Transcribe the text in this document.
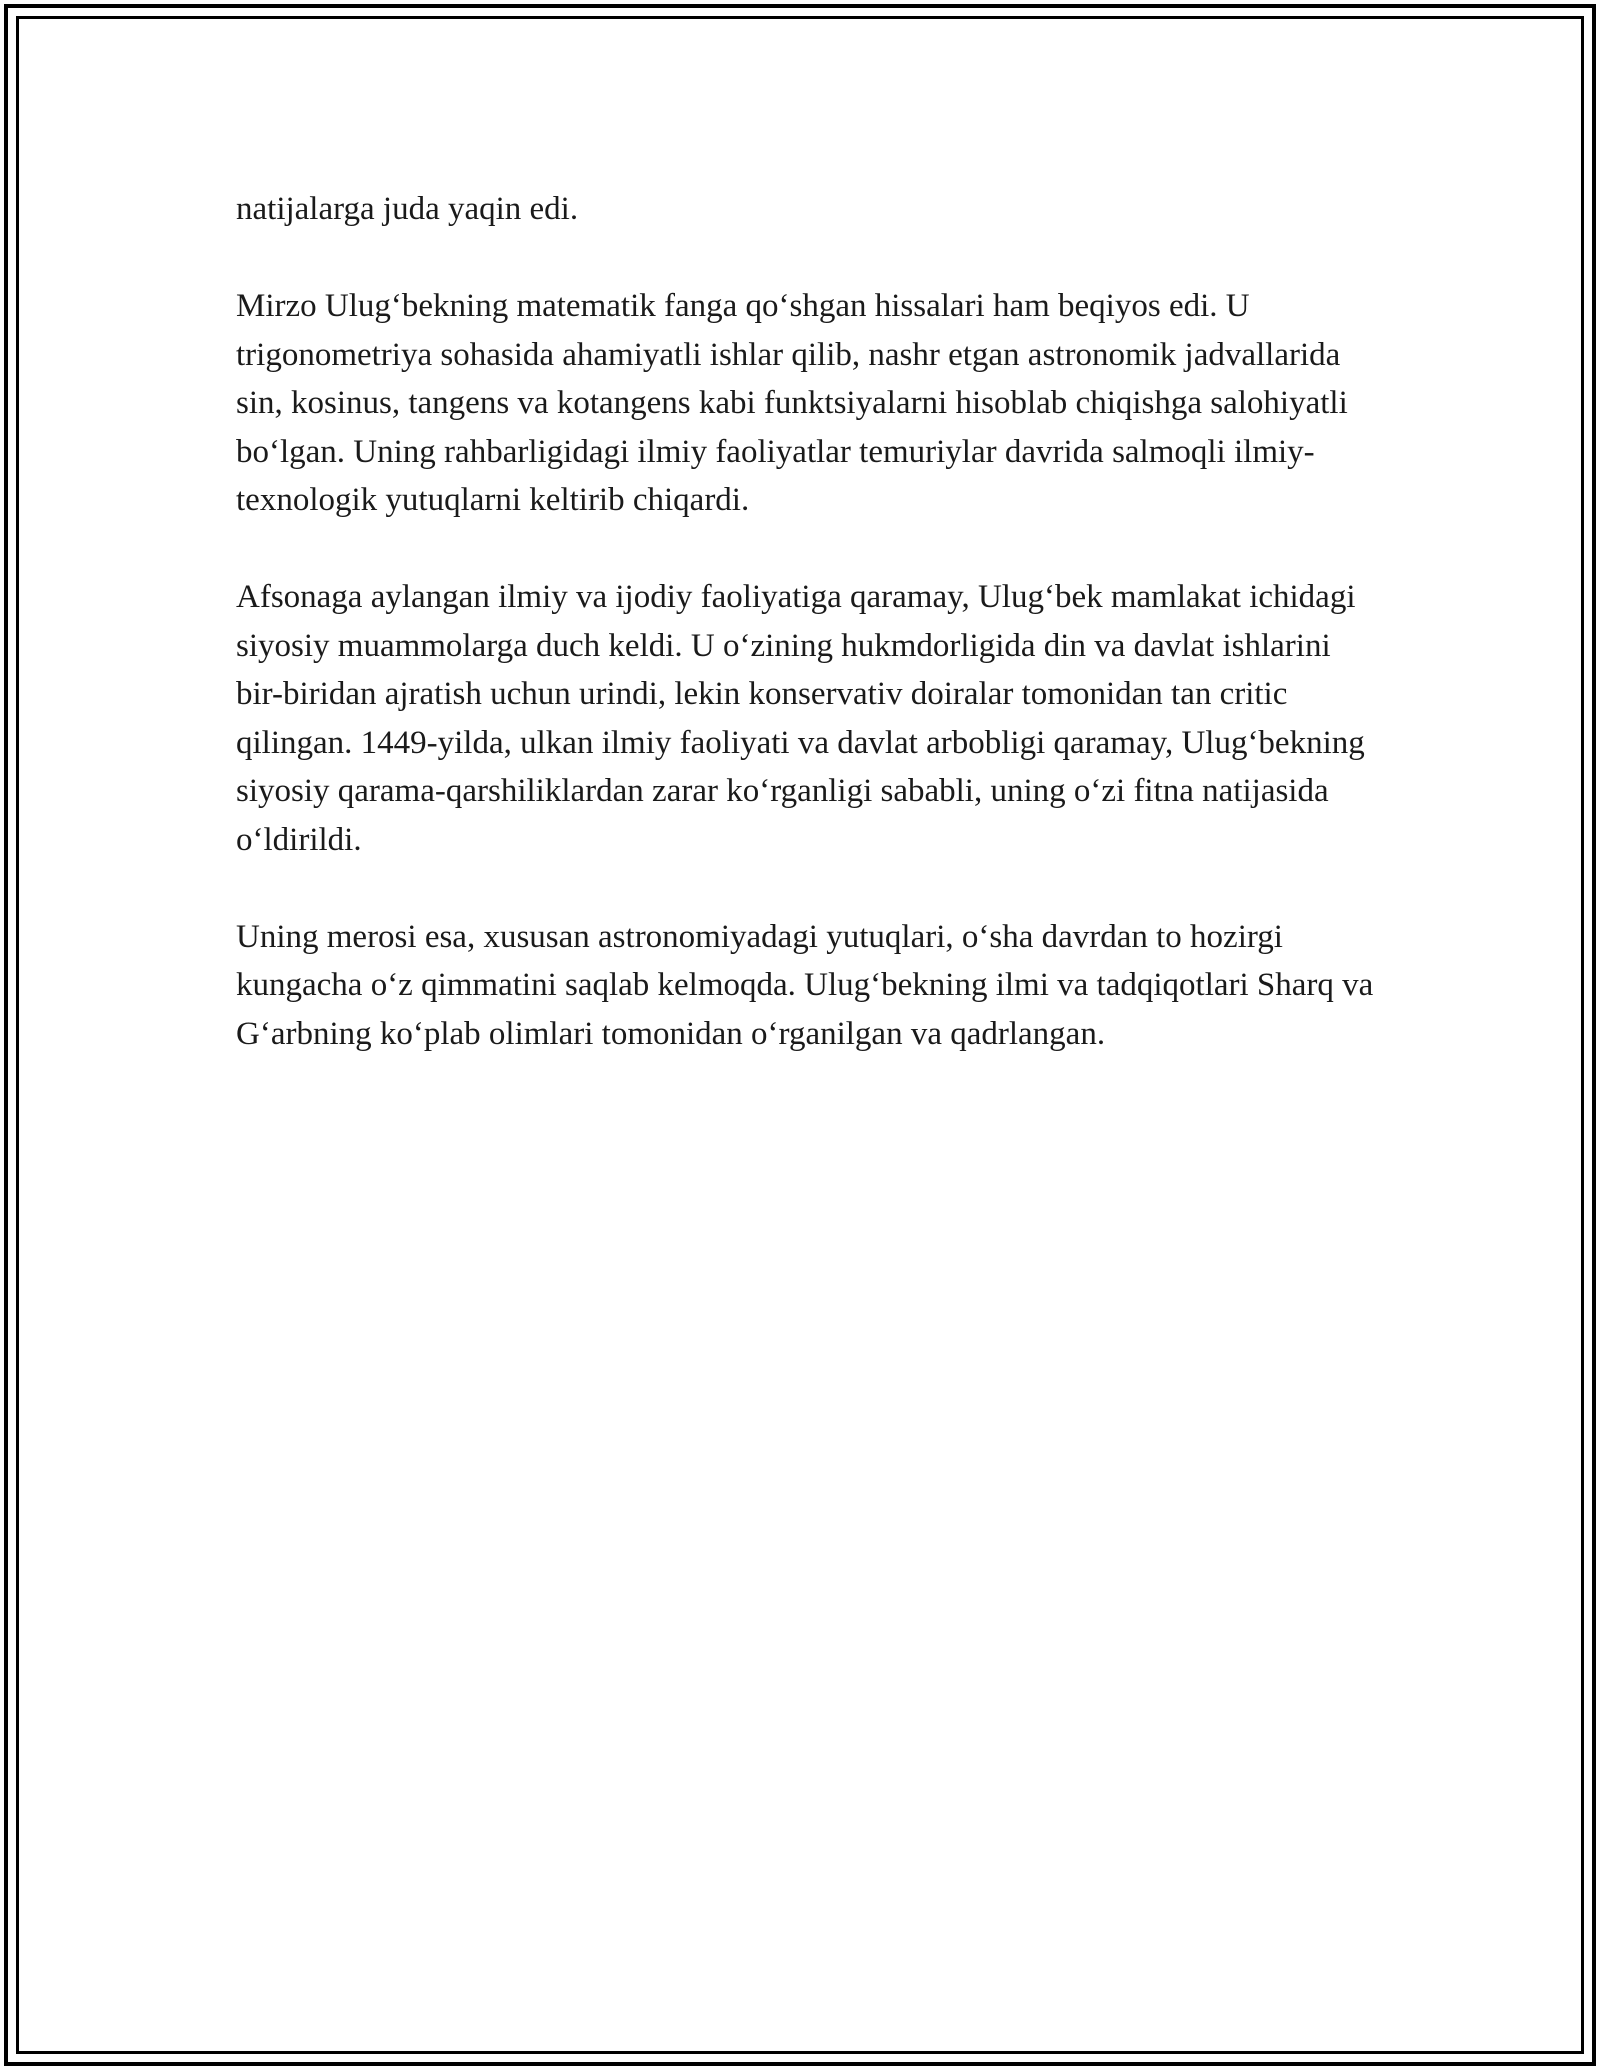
natijalarga juda yaqin edi.

Mirzo Ulug‘bekning matematik fanga qo‘shgan hissalari ham beqiyos edi. U trigonometriya sohasida ahamiyatli ishlar qilib, nashr etgan astronomik jadvallarida sin, kosinus, tangens va kotangens kabi funktsiyalarni hisoblab chiqishga salohiyatli bo‘lgan. Uning rahbarligidagi ilmiy faoliyatlar temuriylar davrida salmoqli ilmiy-texnologik yutuqlarni keltirib chiqardi.

Afsonaga aylangan ilmiy va ijodiy faoliyatiga qaramay, Ulug‘bek mamlakat ichidagi siyosiy muammolarga duch keldi. U o‘zining hukmdorligida din va davlat ishlarini bir-biridan ajratish uchun urindi, lekin konservativ doiralar tomonidan tan critic qilingan. 1449-yilda, ulkan ilmiy faoliyati va davlat arbobligi qaramay, Ulug‘bekning siyosiy qarama-qarshiliklardan zarar ko‘rganligi sababli, uning o‘zi fitna natijasida o‘ldirildi.

Uning merosi esa, xususan astronomiyadagi yutuqlari, o‘sha davrdan to hozirgi kungacha o‘z qimmatini saqlab kelmoqda. Ulug‘bekning ilmi va tadqiqotlari Sharq va G‘arbning ko‘plab olimlari tomonidan o‘rganilgan va qadrlangan.
